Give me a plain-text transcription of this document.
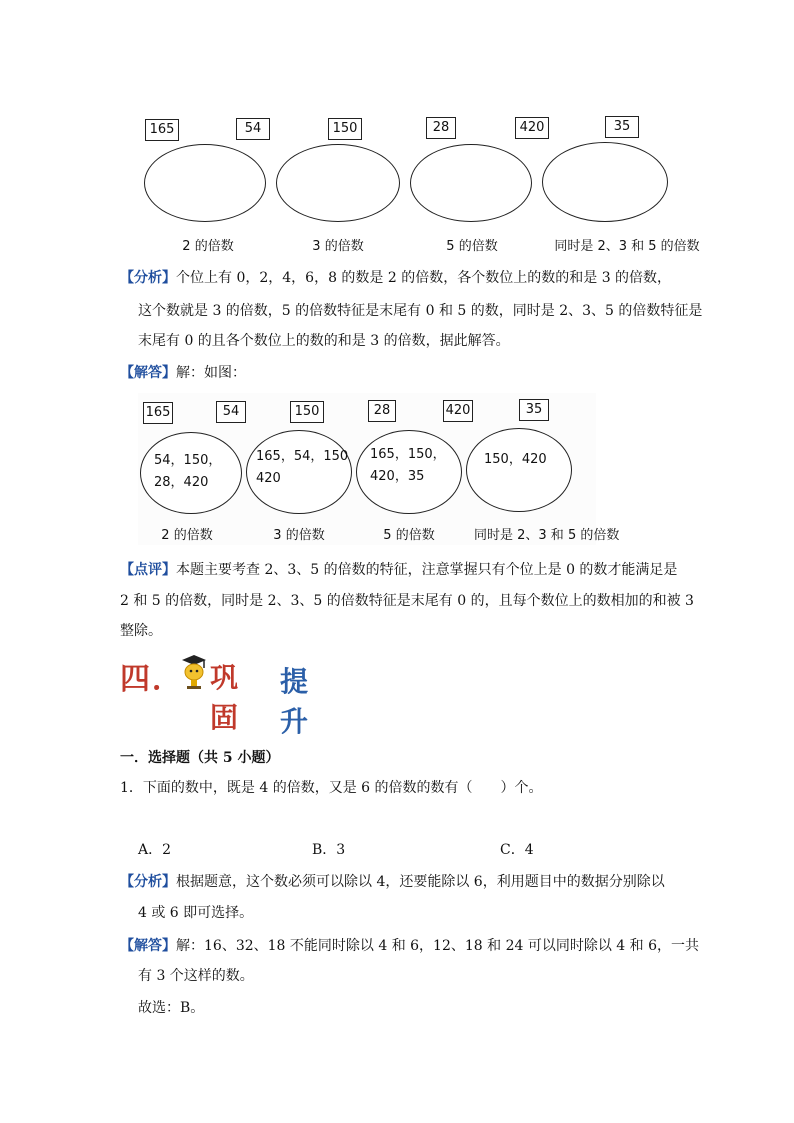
165	54	150	28	420	35
2 的倍数	3 的倍数	5 的倍数	同时是 2、3 和 5 的倍数
【分析】个位上有 0，2，4，6，8 的数是 2 的倍数，各个数位上的数的和是 3 的倍数，
这个数就是 3 的倍数，5 的倍数特征是末尾有 0 和 5 的数，同时是 2、3、5 的倍数特征是
末尾有 0 的且各个数位上的数的和是 3 的倍数，据此解答。
【解答】解：如图：
165	54	150	28	420	35
54，150，
28，420
165，54，150
420
165，150，
420，35
150，420
2 的倍数	3 的倍数	5 的倍数	同时是 2、3 和 5 的倍数
【点评】本题主要考查 2、3、5 的倍数的特征，注意掌握只有个位上是 0 的数才能满足是
2 和 5 的倍数，同时是 2、3、5 的倍数特征是末尾有 0 的，且每个数位上的数相加的和被 3
整除。
四． 巩固
提升
一．选择题（共 5 小题）
1．下面的数中，既是 4 的倍数，又是 6 的倍数的数有（　　）个。
A．2	B．3	C．4
【分析】根据题意，这个数必须可以除以 4，还要能除以 6，利用题目中的数据分别除以
4 或 6 即可选择。
【解答】解：16、32、18 不能同时除以 4 和 6，12、18 和 24 可以同时除以 4 和 6，一共
有 3 个这样的数。
故选：B。
